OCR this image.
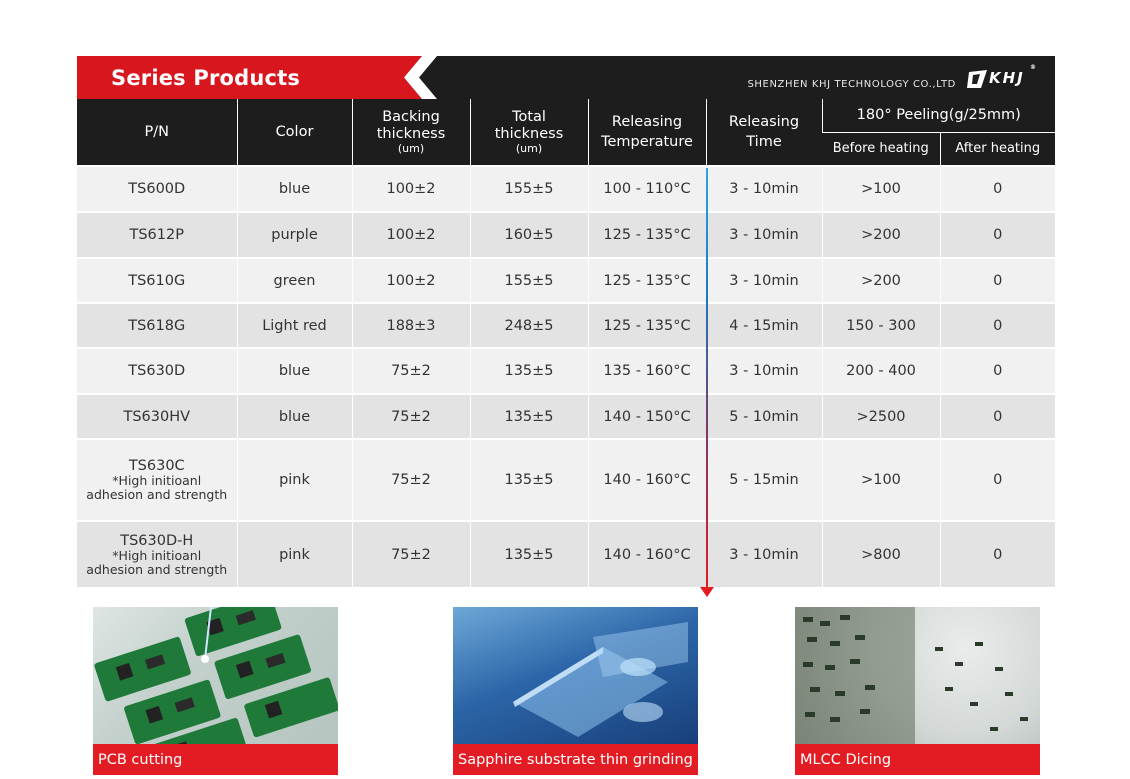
Series Products	SHENZHEN KHJ TECHNOLOGY CO.,LTD KHJ
®
P/N	Color	Backing
thickness
(um)	Total
thickness
(um)	Releasing
Temperature	Releasing
Time	180° Peeling(g/25mm)	
						Before heating	After heating
TS600D	blue	100±2	155±5	100 - 110°C	3 - 10min	>100	0
TS612P	purple	100±2	160±5	125 - 135°C	3 - 10min	>200	0
TS610G	green	100±2	155±5	125 - 135°C	3 - 10min	>200	0
TS618G	Light red	188±3	248±5	125 - 135°C	4 - 15min	150 - 300	0
TS630D	blue	75±2	135±5	135 - 160°C	3 - 10min	200 - 400	0
TS630HV	blue	75±2	135±5	140 - 150°C	5 - 10min	>2500	0

TS630C
*High initioanl
adhesion and strength	pink	75±2	135±5	140 - 160°C	5 - 15min	>100	0

TS630D-H
*High initioanl
adhesion and strength	pink	75±2	135±5	140 - 160°C	3 - 10min	>800	0
PCB cutting	Sapphire substrate thin grinding	MLCC Dicing
